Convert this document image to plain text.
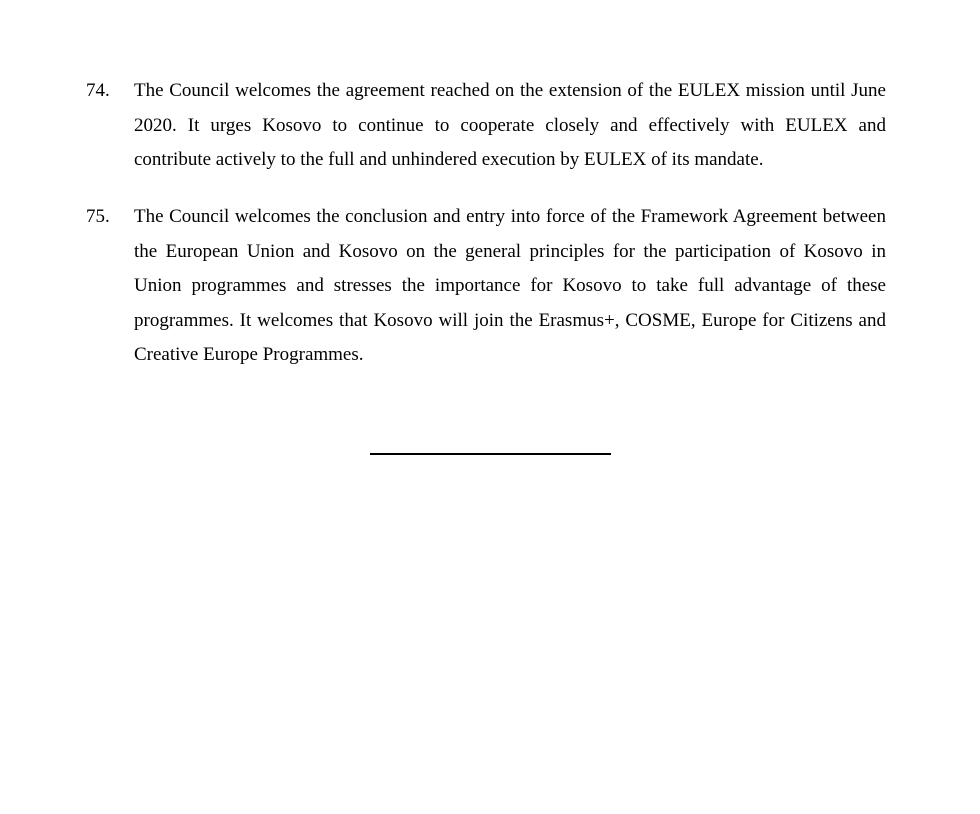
74.	The Council welcomes the agreement reached on the extension of the EULEX mission until June 2020. It urges Kosovo to continue to cooperate closely and effectively with EULEX and contribute actively to the full and unhindered execution by EULEX of its mandate.
75.	The Council welcomes the conclusion and entry into force of the Framework Agreement between the European Union and Kosovo on the general principles for the participation of Kosovo in Union programmes and stresses the importance for Kosovo to take full advantage of these programmes. It welcomes that Kosovo will join the Erasmus+, COSME, Europe for Citizens and Creative Europe Programmes.
